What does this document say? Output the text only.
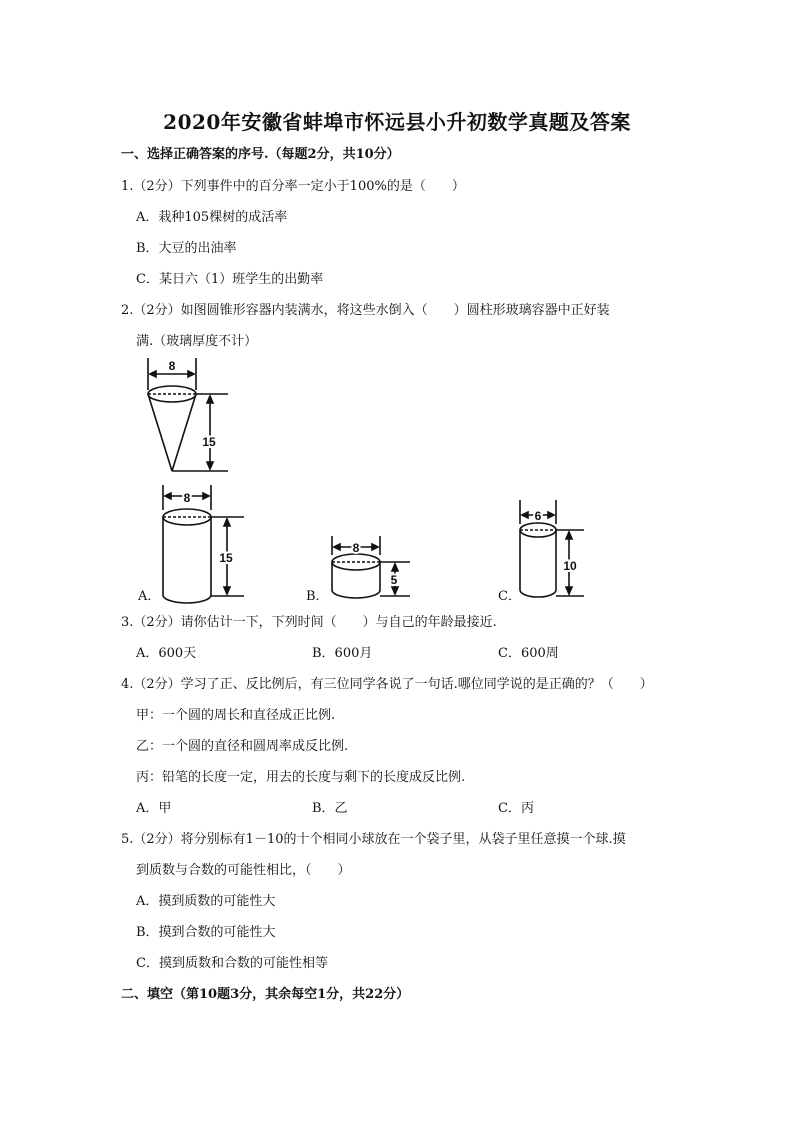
2020年安徽省蚌埠市怀远县小升初数学真题及答案
一、选择正确答案的序号.（每题2分，共10分）
1.（2分）下列事件中的百分率一定小于100%的是（　　）
A．栽种105棵树的成活率
B．大豆的出油率
C．某日六（1）班学生的出勤率
2.（2分）如图圆锥形容器内装满水，将这些水倒入（　　）圆柱形玻璃容器中正好装
满.（玻璃厚度不计）
8
15
8
15
8
5
6
10
A．	B．	C．
3.（2分）请你估计一下，下列时间（　　）与自己的年龄最接近.
A．600天	B．600月	C．600周
4.（2分）学习了正、反比例后，有三位同学各说了一句话.哪位同学说的是正确的？（　　）
甲：一个圆的周长和直径成正比例.
乙：一个圆的直径和圆周率成反比例.
丙：铅笔的长度一定，用去的长度与剩下的长度成反比例.
A．甲	B．乙	C．丙
5.（2分）将分别标有1－10的十个相同小球放在一个袋子里，从袋子里任意摸一个球.摸
到质数与合数的可能性相比，（　　）
A．摸到质数的可能性大
B．摸到合数的可能性大
C．摸到质数和合数的可能性相等
二、填空（第10题3分，其余每空1分，共22分）
